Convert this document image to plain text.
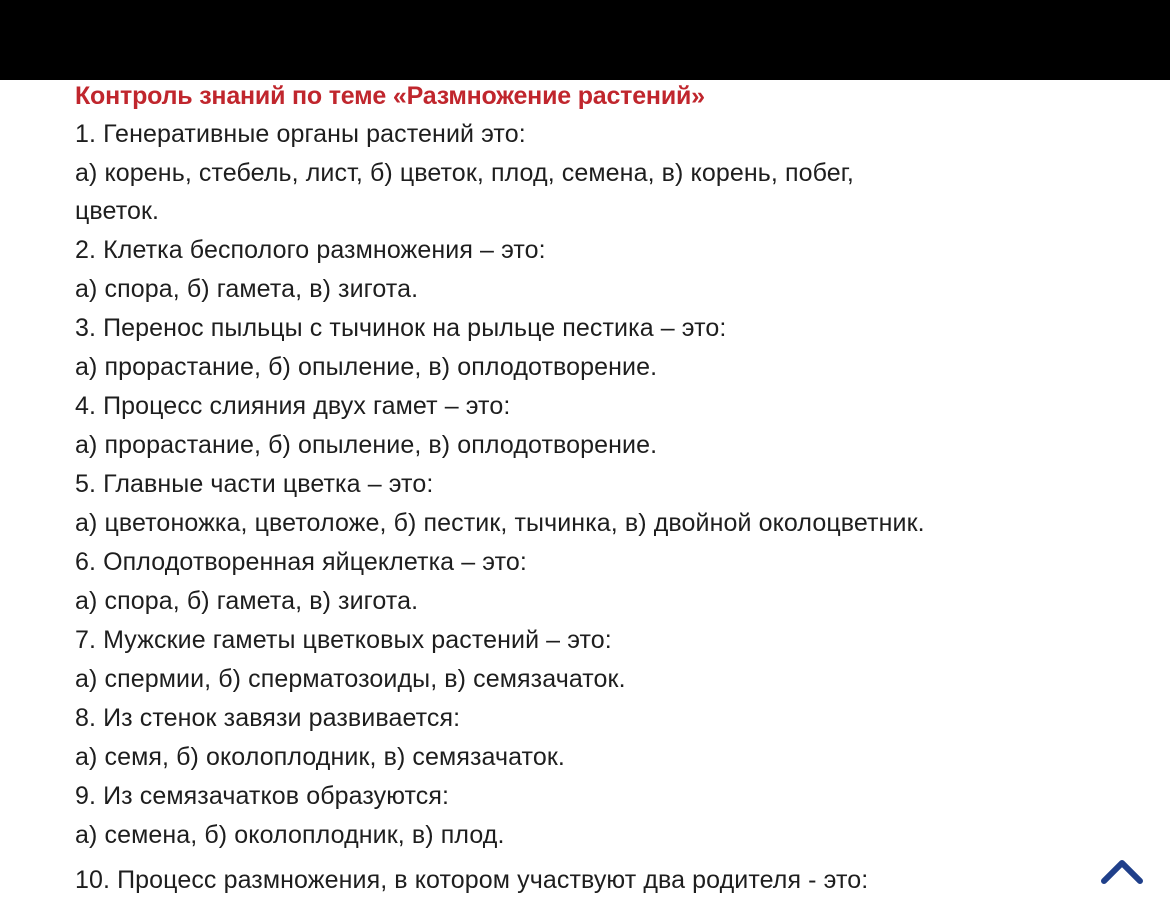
Контроль знаний по теме «Размножение растений»
1. Генеративные органы растений это:
а) корень, стебель, лист, б) цветок, плод, семена, в) корень, побег,
цветок.
2. Клетка бесполого размножения – это:
а) спора, б) гамета, в) зигота.
3. Перенос пыльцы с тычинок на рыльце пестика – это:
а) прорастание, б) опыление, в) оплодотворение.
4. Процесс слияния двух гамет – это:
а) прорастание, б) опыление, в) оплодотворение.
5. Главные части цветка – это:
а) цветоножка, цветоложе, б) пестик, тычинка, в) двойной околоцветник.
6. Оплодотворенная яйцеклетка – это:
а) спора, б) гамета, в) зигота.
7. Мужские гаметы цветковых растений – это:
а) спермии, б) сперматозоиды, в) семязачаток.
8. Из стенок завязи развивается:
а) семя, б) околоплодник, в) семязачаток.
9. Из семязачатков образуются:
а) семена, б) околоплодник, в) плод.
10. Процесс размножения, в котором участвуют два родителя - это:
